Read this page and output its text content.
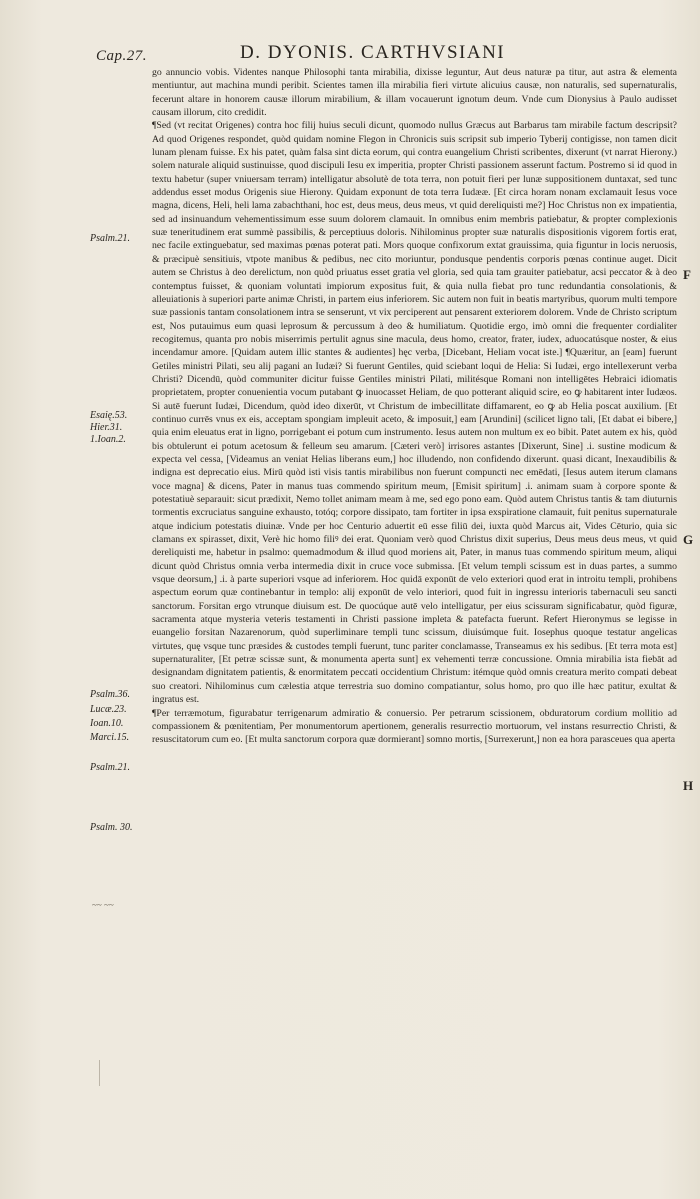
Cap.27.	D. DYONIS. CARTHVSIANI

go annuncio vobis. Videntes nanque Philosophi tanta mirabilia, dixisse leguntur, Aut deus naturæ pa titur, aut astra & elementa mentiuntur, aut machina mundi peribit. Scientes tamen illa mirabilia fieri virtute alicuius causæ, non naturalis, sed supernaturalis, fecerunt altare in honorem causæ illorum mirabilium, & illam vocauerunt ignotum deum. Vnde cum Dionysius à Paulo audisset causam illorum, cito credidit.

¶Sed (vt recitat Origenes) contra hoc filij huius seculi dicunt, quomodo nullus Græcus aut Barbarus tam mirabile factum descripsit? Ad quod Origenes respondet, quòd quidam nomine Flegon in Chronicis suis scripsit sub imperio Tyberij contigisse, non tamen dicit lunam plenam fuisse. Ex his patet, quàm falsa sint dicta eorum, qui contra euangelium Christi scribentes, dixerunt (vt narrat Hierony.) solem naturale aliquid sustinuisse, quod discipuli Iesu ex imperitia, propter Christi passionem asserunt factum. Postremo si id quod in textu habetur (super vniuersam terram) intelligatur absolutè de tota terra, non potuit fieri per lunæ suppositionem duntaxat, sed tunc addendus esset modus Origenis siue Hierony. Quidam exponunt de tota terra Iudææ. [Et circa horam nonam exclamauit Iesus voce magna, dicens, Heli, heli lama zabachthani, hoc est, deus meus, deus meus, vt quid dereliquisti me?] Hoc Christus non ex impatientia, sed ad insinuandum vehementissimum esse suum dolorem clamauit. In omnibus enim membris patiebatur, & propter complexionis suæ teneritudinem erat summè passibilis, & perceptiuus doloris. Nihilominus propter suæ naturalis dispositionis vigorem fortis erat, nec facile extinguebatur, sed maximas pœnas poterat pati. Mors quoque confixorum extat grauissima, quia figuntur in locis neruosis, & præcipuè sensitiuis, vtpote manibus & pedibus, nec cito moriuntur, pondusque pendentis corporis pœnas continue auget. Dicit autem se Christus à deo derelictum, non quòd priuatus esset gratia vel gloria, sed quia tam grauiter patiebatur, acsi peccator & à deo contemptus fuisset, & quoniam voluntati impiorum expositus fuit, & quia nulla fiebat pro tunc redundantia consolationis, & alleuiationis à superiori parte animæ Christi, in partem eius inferiorem. Sic autem non fuit in beatis martyribus, quorum multi tempore suæ passionis tantam consolationem intra se senserunt, vt vix perciperent aut pensarent exteriorem dolorem. Vnde de Christo scriptum est, Nos putauimus eum quasi leprosum & percussum à deo & humiliatum. Quotidie ergo, imò omni die frequenter cordialiter recogitemus, quanta pro nobis miserrimis pertulit agnus sine macula, deus homo, creator, frater, iudex, aduocatúsque noster, & eius incendamur amore. [Quidam autem illic stantes & audientes] hęc verba, [Dicebant, Heliam vocat iste.] ¶Quæritur, an [eam] fuerunt Getiles ministri Pilati, seu alij pagani an Iudæi? Si fuerunt Gentiles, quid sciebant loqui de Helia: Si Iudæi, ergo intellexerunt verba Christi? Dicendū, quòd communiter dicitur fuisse Gentiles ministri Pilati, militésque Romani non intelligētes Hebraici idiomatis proprietatem, propter conuenientia vocum putabant ꝙ inuocasset Heliam, de quo potterant aliquid scire, eo ꝙ habitarent inter Iudæos. Si autē fuerunt Iudæi, Dicendum, quòd ideo dixerūt, vt Christum de imbecillitate diffamarent, eo ꝙ ab Helia poscat auxilium. [Et continuo currēs vnus ex eis, acceptam spongiam impleuit aceto, & imposuit,] eam [Arundini] (scilicet ligno tali, [Et dabat ei bibere,] quia enim eleuatus erat in ligno, porrigebant ei potum cum instrumento. Iesus autem non multum ex eo bibit. Patet autem ex his, quòd bis obtulerunt ei potum acetosum & felleum seu amarum. [Cæteri verò] irrisores astantes [Dixerunt, Sine] .i. sustine modicum & expecta vel cessa, [Videamus an veniat Helias liberans eum,] hoc illudendo, non confidendo dixerunt. quasi dicant, Inexaudibilis & indigna est deprecatio eius. Mirū quòd isti visis tantis mirabilibus non fuerunt compuncti nec emēdati, [Iesus autem iterum clamans voce magna] & dicens, Pater in manus tuas commendo spiritum meum, [Emisit spiritum] .i. animam suam à corpore sponte & potestatiuè separauit: sicut prædixit, Nemo tollet animam meam à me, sed ego pono eam. Quòd autem Christus tantis & tam diuturnis tormentis excruciatus sanguine exhausto, totóq; corpore dissipato, tam fortiter in ipsa exspiratione clamauit, fuit penitus supernaturale atque indicium potestatis diuinæ. Vnde per hoc Centurio aduertit eū esse filiū dei, iuxta quòd Marcus ait, Vides Cēturio, quia sic clamans ex spirasset, dixit, Verè hic homo filiꝰ dei erat. Quoniam verò quod Christus dixit superius, Deus meus deus meus, vt quid dereliquisti me, habetur in psalmo: quemadmodum & illud quod moriens ait, Pater, in manus tuas commendo spiritum meum, aliqui dicunt quòd Christus omnia verba intermedia dixit in cruce voce submissa. [Et velum templi scissum est in duas partes, a summo vsque deorsum,] .i. à parte superiori vsque ad inferiorem. Hoc quidā exponūt de velo exteriori quod erat in introitu templi, prohibens aspectum eorum quæ continebantur in templo: alij exponūt de velo interiori, quod fuit in ingressu interioris tabernaculi seu sancti sanctorum. Forsitan ergo vtrunque diuisum est. De quocúque autē velo intelligatur, per eius scissuram significabatur, quòd figuræ, sacramenta atque mysteria veteris testamenti in Christi passione impleta & patefacta fuerunt. Refert Hieronymus se legisse in euangelio forsitan Nazarenorum, quòd superliminare templi tunc scissum, diuisúmque fuit. Iosephus quoque testatur angelicas virtutes, quę vsque tunc præsides & custodes templi fuerunt, tunc pariter conclamasse, Transeamus ex his sedibus. [Et terra mota est] supernaturaliter, [Et petræ scissæ sunt, & monumenta aperta sunt] ex vehementi terræ concussione. Omnia mirabilia ista fiebāt ad designandam dignitatem patientis, & enormitatem peccati occidentium Christum: itémque quòd omnis creatura merito compati debeat suo creatori. Nihilominus cum cælestia atque terrestria suo domino compatiantur, solus homo, pro quo ille hæc patitur, exultat & ingratus est.

¶Per terræmotum, figurabatur terrigenarum admiratio & conuersio. Per petrarum scissionem, obduratorum cordium mollitio ad compassionem & pœnitentiam, Per monumentorum apertionem, generalis resurrectio mortuorum, vel instans resurrectio Christi, & resuscitatorum cum eo. [Et multa sanctorum corpora quæ dormierant] somno mortis, [Surrexerunt,] non ea hora parasceues qua aperta

Psalm.21.
Esaię.53.
Hier.31.
1.Ioan.2.
Psalm.36.
Lucæ.23.
Ioan.10.
Marci.15.
Psalm.21.
Psalm. 30.
F
G
H
~~ ~~
